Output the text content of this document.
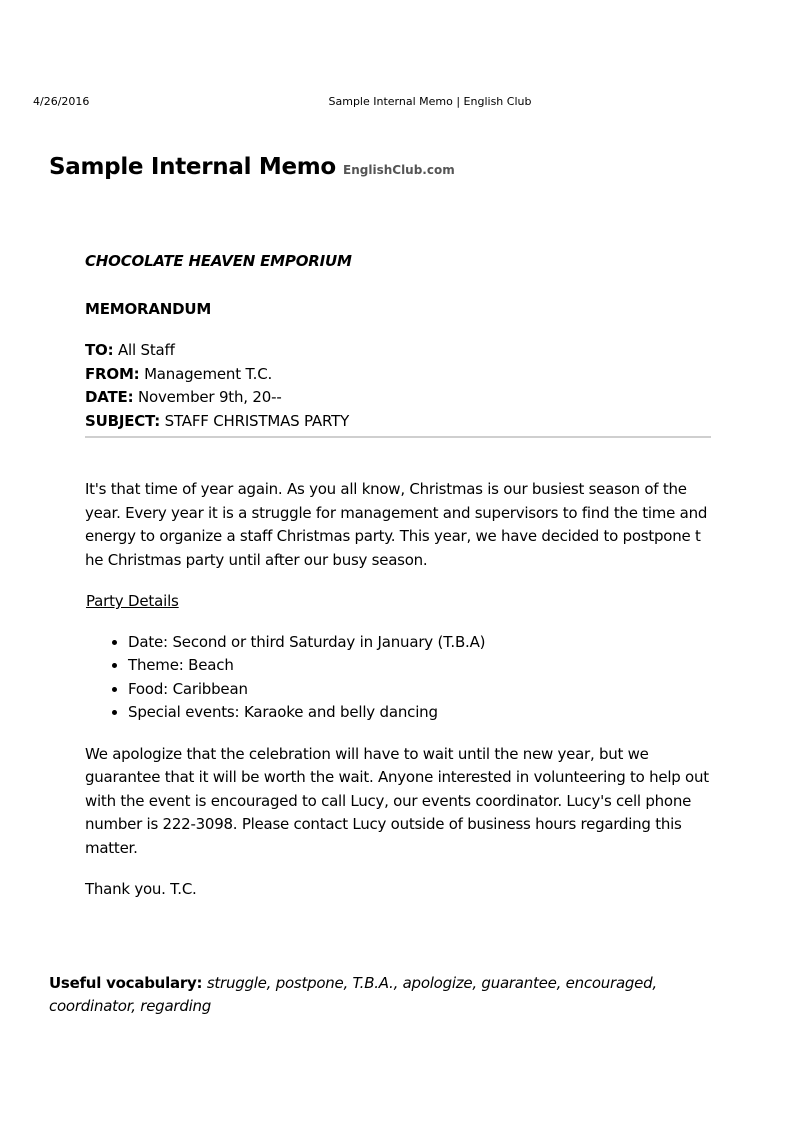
4/26/2016	Sample Internal Memo | English Club
Sample Internal Memo EnglishClub.com

CHOCOLATE HEAVEN EMPORIUM

MEMORANDUM

TO: All Staff

FROM: Management T.C.

DATE: November 9th, 20--

SUBJECT: STAFF CHRISTMAS PARTY

It's that time of year again. As you all know, Christmas is our busiest season of the year. Every year it is a struggle for management and supervisors to find the time and energy to organize a staff Christmas party. This year, we have decided to postpone t he Christmas party until after our busy season.

Party Details

• Date: Second or third Saturday in January (T.B.A)
• Theme: Beach
• Food: Caribbean
• Special events: Karaoke and belly dancing

We apologize that the celebration will have to wait until the new year, but we guarantee that it will be worth the wait. Anyone interested in volunteering to help out with the event is encouraged to call Lucy, our events coordinator. Lucy's cell phone number is 222-3098. Please contact Lucy outside of business hours regarding this matter.

Thank you. T.C.

Useful vocabulary: struggle, postpone, T.B.A., apologize, guarantee, encouraged, coordinator, regarding
